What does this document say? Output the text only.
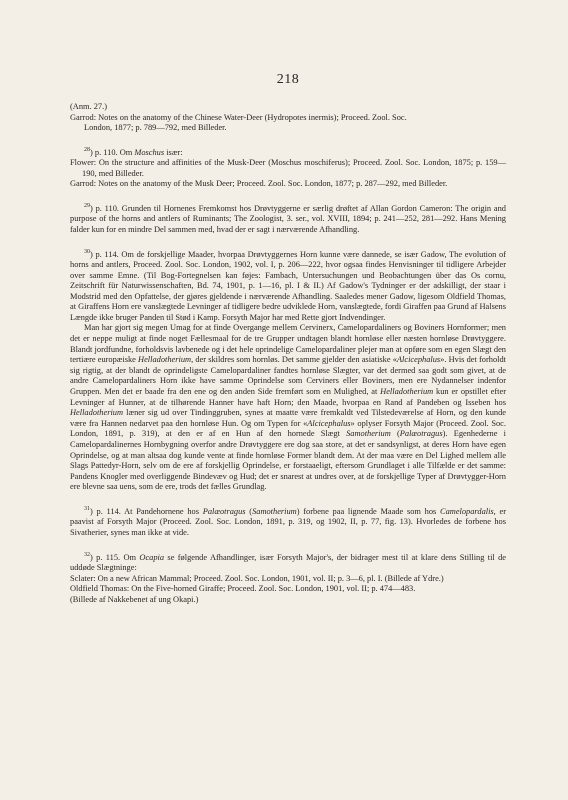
218

(Anm. 27.)

Garrod: Notes on the anatomy of the Chinese Water-Deer (Hydropotes inermis); Proceed. Zool. Soc.

London, 1877; p. 789—792, med Billeder.

$^{28}$) p. 110. Om Moschus især:

Flower: On the structure and affinities of the Musk-Deer (Moschus moschiferus); Proceed. Zool. Soc. London, 1875; p. 159—190, med Billeder.

Garrod: Notes on the anatomy of the Musk Deer; Proceed. Zool. Soc. London, 1877; p. 287—292, med Billeder.

$^{29}$) p. 110. Grunden til Hornenes Fremkomst hos Drøvtyggerne er særlig drøftet af Allan Gordon Cameron: The origin and purpose of the horns and antlers of Ruminants; The Zoologist, 3. ser., vol. XVIII, 1894; p. 241—252, 281—292. Hans Mening falder kun for en mindre Del sammen med, hvad der er sagt i nærværende Afhandling.

$^{30}$) p. 114. Om de forskjellige Maader, hvorpaa Drøvtyggernes Horn kunne være dannede, se især Gadow, The evolution of horns and antlers, Proceed. Zool. Soc. London, 1902, vol. I, p. 206—222, hvor ogsaa findes Henvisninger til tidligere Arbejder over samme Emne. (Til Bog-Fortegnelsen kan føjes: Fambach, Untersuchungen und Beobachtungen über das Os cornu, Zeitschrift für Naturwissenschaften, Bd. 74, 1901, p. 1—16, pl. I & II.) Af Gadow's Tydninger er der adskilligt, der staar i Modstrid med den Opfattelse, der gjøres gjeldende i nærværende Afhandling. Saaledes mener Gadow, ligesom Oldfield Thomas, at Giraffens Horn ere vanslægtede Levninger af tidligere bedre udviklede Horn, vanslægtede, fordi Giraffen paa Grund af Halsens Længde ikke bruger Panden til Stød i Kamp. Forsyth Major har med Rette gjort Indvendinger.

Man har gjort sig megen Umag for at finde Overgange mellem Cervinerx, Camelopardaliners og Boviners Hornformer; men det er neppe muligt at finde noget Fællesmaal for de tre Grupper undtagen blandt hornløse eller næsten hornløse Drøvtyggere. Blandt jordfundne, forholdsvis lavbenede og i det hele oprindelige Camelopardaliner plejer man at opføre som en egen Slægt den tertiære europæiske Helladotherium, der skildres som hornløs. Det samme gjelder den asiatiske «Alcicephalus». Hvis det forholdt sig rigtig, at der blandt de oprindeligste Camelopardaliner fandtes hornløse Slægter, var det dermed saa godt som givet, at de andre Camelopardaliners Horn ikke have samme Oprindelse som Cerviners eller Boviners, men ere Nydannelser indenfor Gruppen. Men det er baade fra den ene og den anden Side fremført som en Mulighed, at Helladotherium kun er opstillet efter Levninger af Hunner, at de tilhørende Hanner have haft Horn; den Maade, hvorpaa en Rand af Pandeben og Isseben hos Helladotherium læner sig ud over Tindinggruben, synes at maatte være fremkaldt ved Tilstedeværelse af Horn, og den kunde være fra Hannen nedarvet paa den hornløse Hun. Og om Typen for «Alcicephalus» oplyser Forsyth Major (Proceed. Zool. Soc. London, 1891, p. 319), at den er af en Hun af den hornede Slægt Samotherium (Palæotragus). Egenhederne i Camelopardalinernes Hornbygning overfor andre Drøvtyggere ere dog saa store, at det er sandsynligst, at deres Horn have egen Oprindelse, og at man altsaa dog kunde vente at finde hornløse Former blandt dem. At der maa være en Del Lighed mellem alle Slags Pattedyr-Horn, selv om de ere af forskjellig Oprindelse, er forstaaeligt, eftersom Grundlaget i alle Tilfælde er det samme: Pandens Knogler med overliggende Bindevæv og Hud; det er snarest at undres over, at de forskjellige Typer af Drøvtygger-Horn ere blevne saa uens, som de ere, trods det fælles Grundlag.

$^{31}$) p. 114. At Pandehornene hos Palæotragus (Samotherium) forbene paa lignende Maade som hos Camelopardalis, er paavist af Forsyth Major (Proceed. Zool. Soc. London, 1891, p. 319, og 1902, II, p. 77, fig. 13). Hvorledes de forbene hos Sivatherier, synes man ikke at vide.

$^{32}$) p. 115. Om Ocapia se følgende Afhandlinger, især Forsyth Major's, der bidrager mest til at klare dens Stilling til de uddøde Slægtninge:

Sclater: On a new African Mammal; Proceed. Zool. Soc. London, 1901, vol. II; p. 3—6, pl. I. (Billede af Ydre.)

Oldfield Thomas: On the Five-horned Giraffe; Proceed. Zool. Soc. London, 1901, vol. II; p. 474—483.

(Billede af Nakkebenet af ung Okapi.)
